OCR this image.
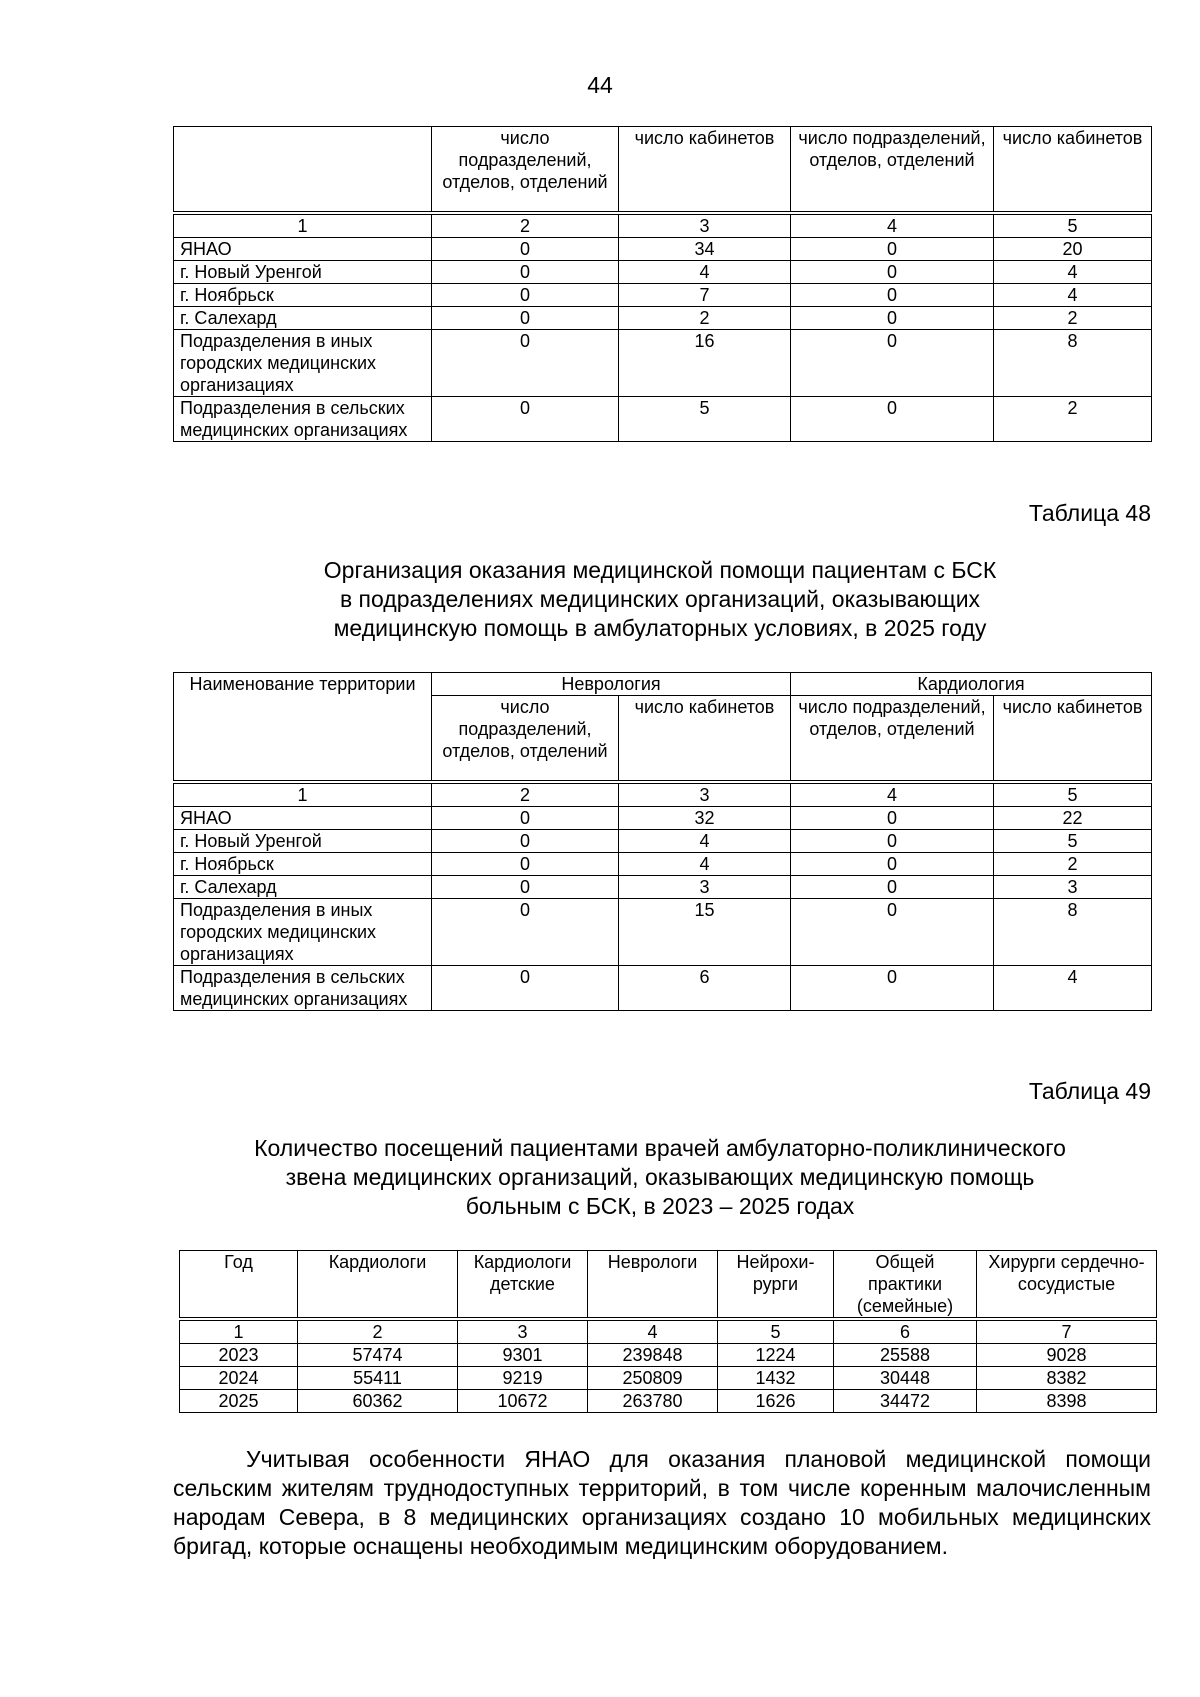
44
	число подразделений, отделов, отделений	число кабинетов	число подразделений, отделов, отделений	число кабинетов
1	2	3	4	5
ЯНАО	0	34	0	20
г. Новый Уренгой	0	4	0	4
г. Ноябрьск	0	7	0	4
г. Салехард	0	2	0	2
Подразделения в иных городских медицинских организациях	0	16	0	8
Подразделения в сельских медицинских организациях	0	5	0	2
Таблица 48
Организация оказания медицинской помощи пациентам с БСК
в подразделениях медицинских организаций, оказывающих
медицинскую помощь в амбулаторных условиях, в 2025 году
Наименование территории	Неврология		Кардиология	
	число подразделений, отделов, отделений	число кабинетов	число подразделений, отделов, отделений	число кабинетов
1	2	3	4	5
ЯНАО	0	32	0	22
г. Новый Уренгой	0	4	0	5
г. Ноябрьск	0	4	0	2
г. Салехард	0	3	0	3
Подразделения в иных городских медицинских организациях	0	15	0	8
Подразделения в сельских медицинских организациях	0	6	0	4
Таблица 49
Количество посещений пациентами врачей амбулаторно-поликлинического
звена медицинских организаций, оказывающих медицинскую помощь
больным с БСК, в 2023 – 2025 годах
Год	Кардиологи	Кардиологи детские	Неврологи	Нейрохи-рурги	Общей практики (семейные)	Хирурги сердечно-сосудистые
1	2	3	4	5	6	7
2023	57474	9301	239848	1224	25588	9028
2024	55411	9219	250809	1432	30448	8382
2025	60362	10672	263780	1626	34472	8398

Учитывая особенности ЯНАО для оказания плановой медицинской помощи сельским жителям труднодоступных территорий, в том числе коренным малочисленным народам Севера, в 8 медицинских организациях создано 10 мобильных медицинских бригад, которые оснащены необходимым медицинским оборудованием.
